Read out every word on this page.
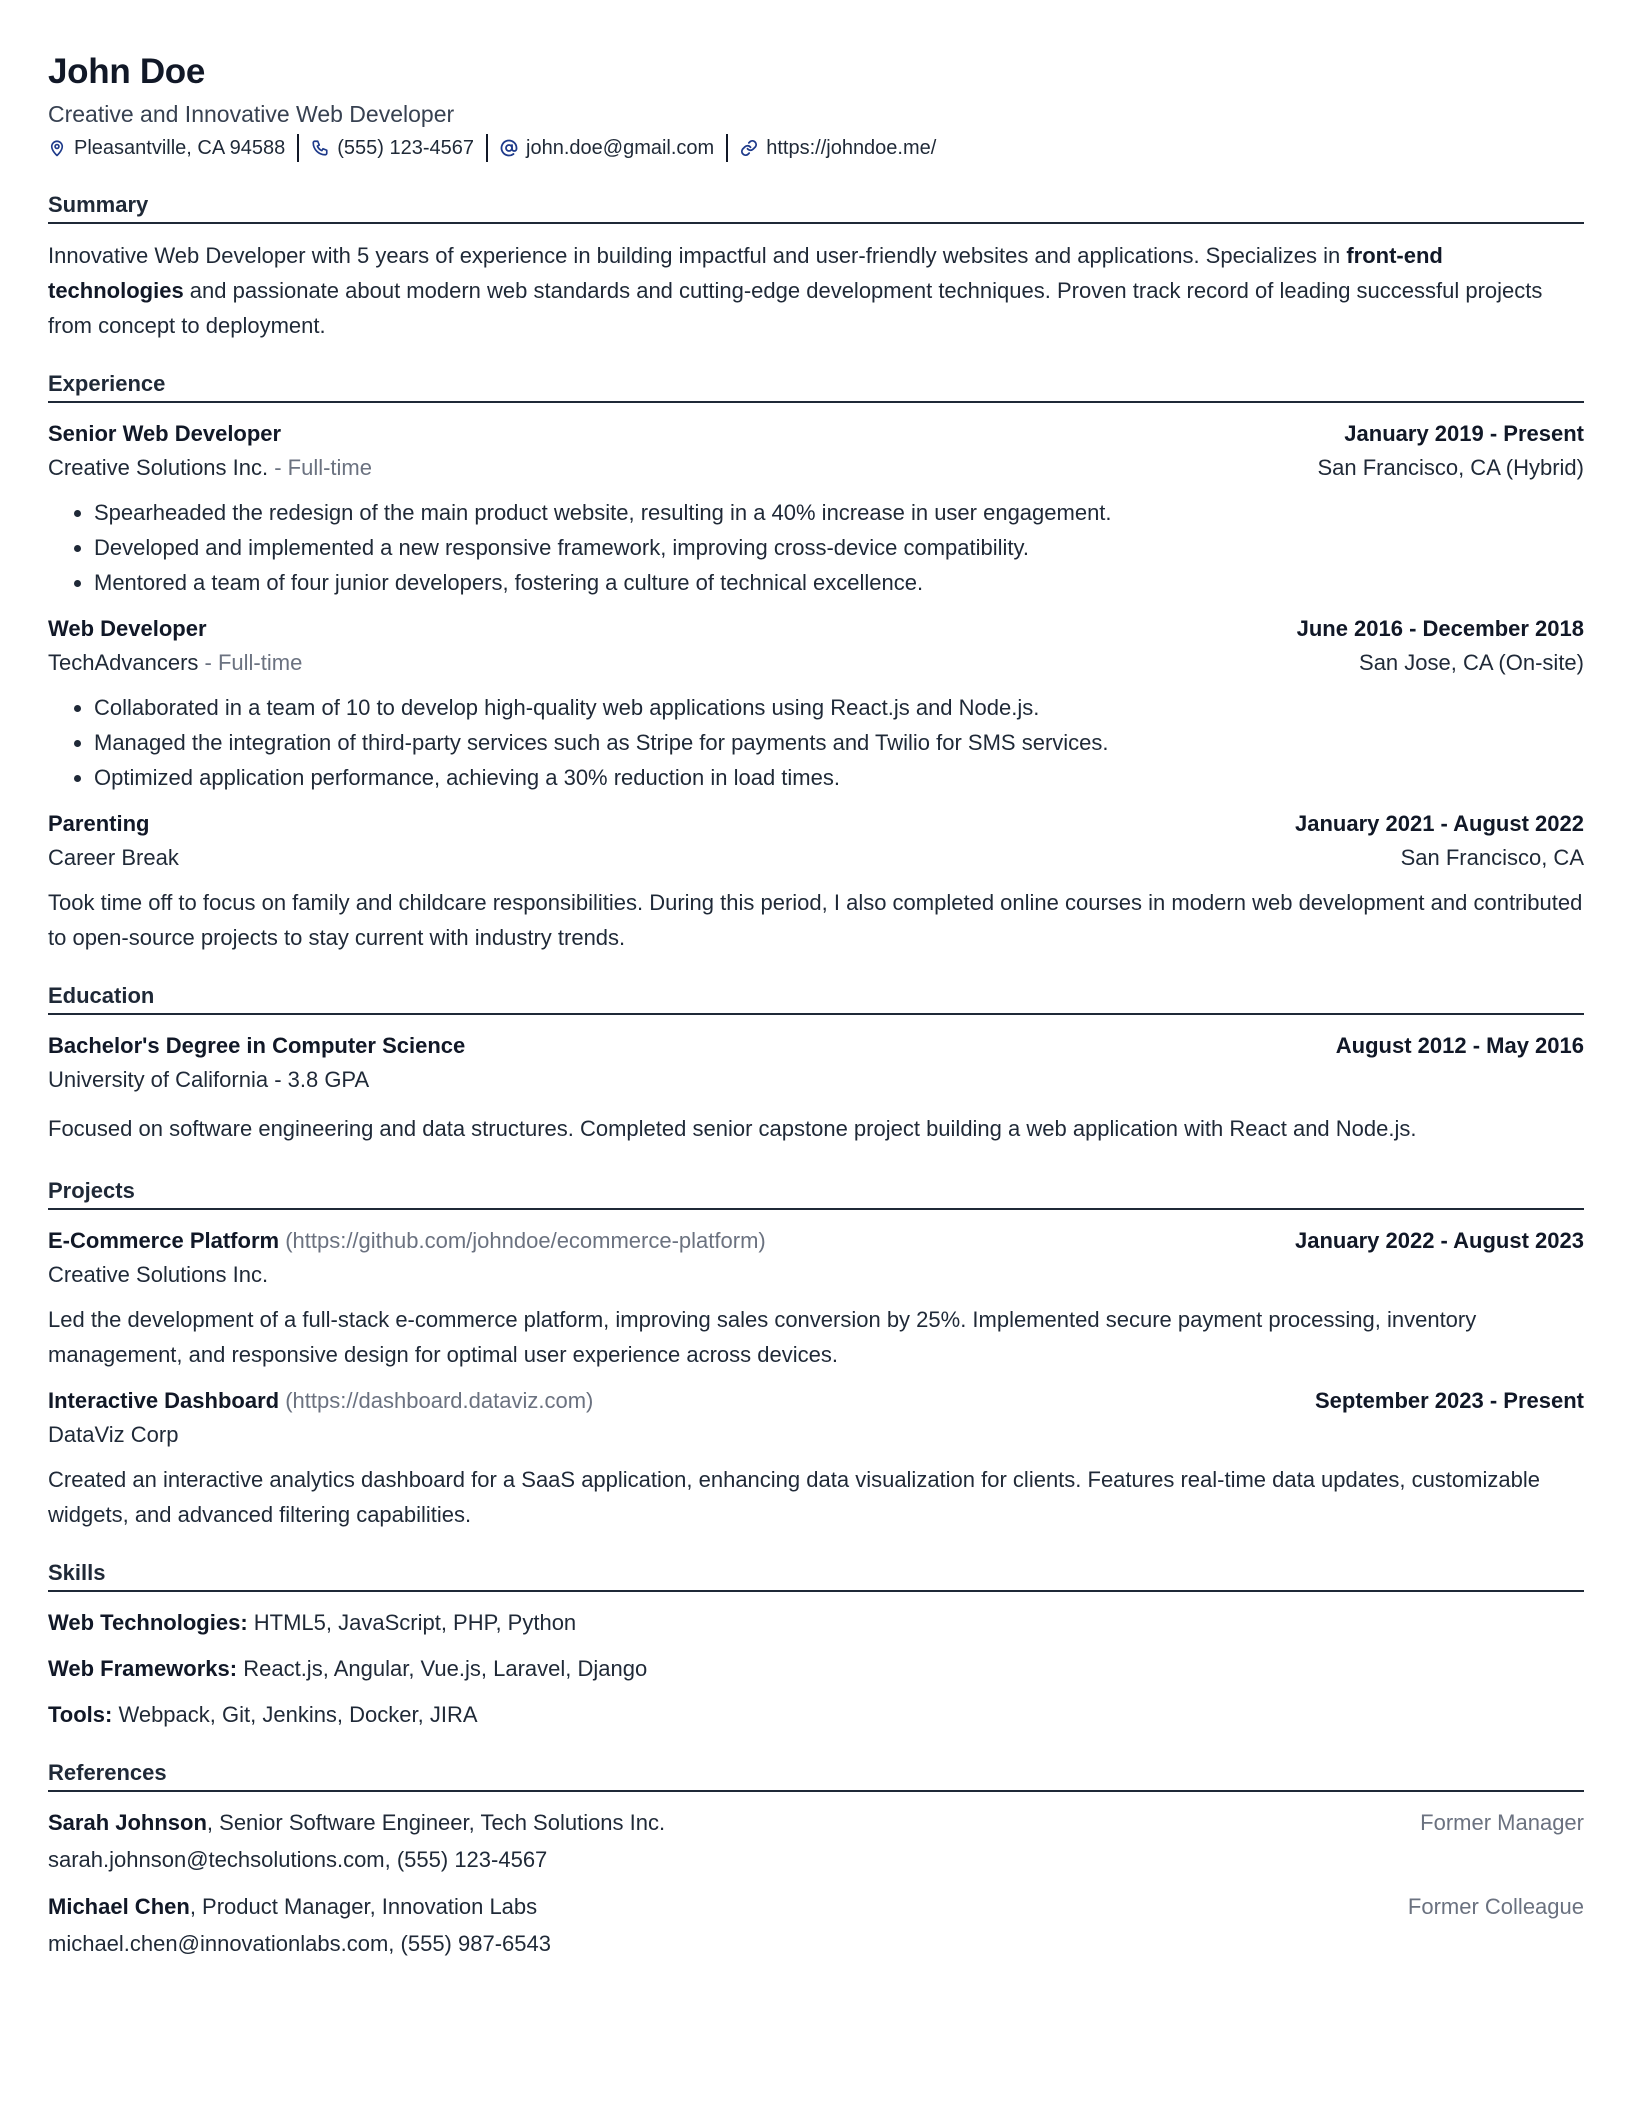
John Doe
Creative and Innovative Web Developer
Pleasantville, CA 94588	(555) 123-4567	john.doe@gmail.com	https://johndoe.me/
Summary
Innovative Web Developer with 5 years of experience in building impactful and user-friendly websites and applications. Specializes in front-end technologies and passionate about modern web standards and cutting-edge development techniques. Proven track record of leading successful projects from concept to deployment.
Experience
Senior Web Developer	January 2019 - Present
Creative Solutions Inc. - Full-time	San Francisco, CA (Hybrid)
• Spearheaded the redesign of the main product website, resulting in a 40% increase in user engagement.
• Developed and implemented a new responsive framework, improving cross-device compatibility.
• Mentored a team of four junior developers, fostering a culture of technical excellence.
Web Developer	June 2016 - December 2018
TechAdvancers - Full-time	San Jose, CA (On-site)
• Collaborated in a team of 10 to develop high-quality web applications using React.js and Node.js.
• Managed the integration of third-party services such as Stripe for payments and Twilio for SMS services.
• Optimized application performance, achieving a 30% reduction in load times.
Parenting	January 2021 - August 2022
Career Break	San Francisco, CA
Took time off to focus on family and childcare responsibilities. During this period, I also completed online courses in modern web development and contributed to open-source projects to stay current with industry trends.
Education
Bachelor's Degree in Computer Science	August 2012 - May 2016
University of California - 3.8 GPA
Focused on software engineering and data structures. Completed senior capstone project building a web application with React and Node.js.
Projects
E-Commerce Platform (https://github.com/johndoe/ecommerce-platform)	January 2022 - August 2023
Creative Solutions Inc.
Led the development of a full-stack e-commerce platform, improving sales conversion by 25%. Implemented secure payment processing, inventory management, and responsive design for optimal user experience across devices.
Interactive Dashboard (https://dashboard.dataviz.com)	September 2023 - Present
DataViz Corp
Created an interactive analytics dashboard for a SaaS application, enhancing data visualization for clients. Features real-time data updates, customizable widgets, and advanced filtering capabilities.
Skills
Web Technologies: HTML5, JavaScript, PHP, Python
Web Frameworks: React.js, Angular, Vue.js, Laravel, Django
Tools: Webpack, Git, Jenkins, Docker, JIRA
References
Sarah Johnson, Senior Software Engineer, Tech Solutions Inc.	Former Manager
sarah.johnson@techsolutions.com, (555) 123-4567
Michael Chen, Product Manager, Innovation Labs	Former Colleague
michael.chen@innovationlabs.com, (555) 987-6543
